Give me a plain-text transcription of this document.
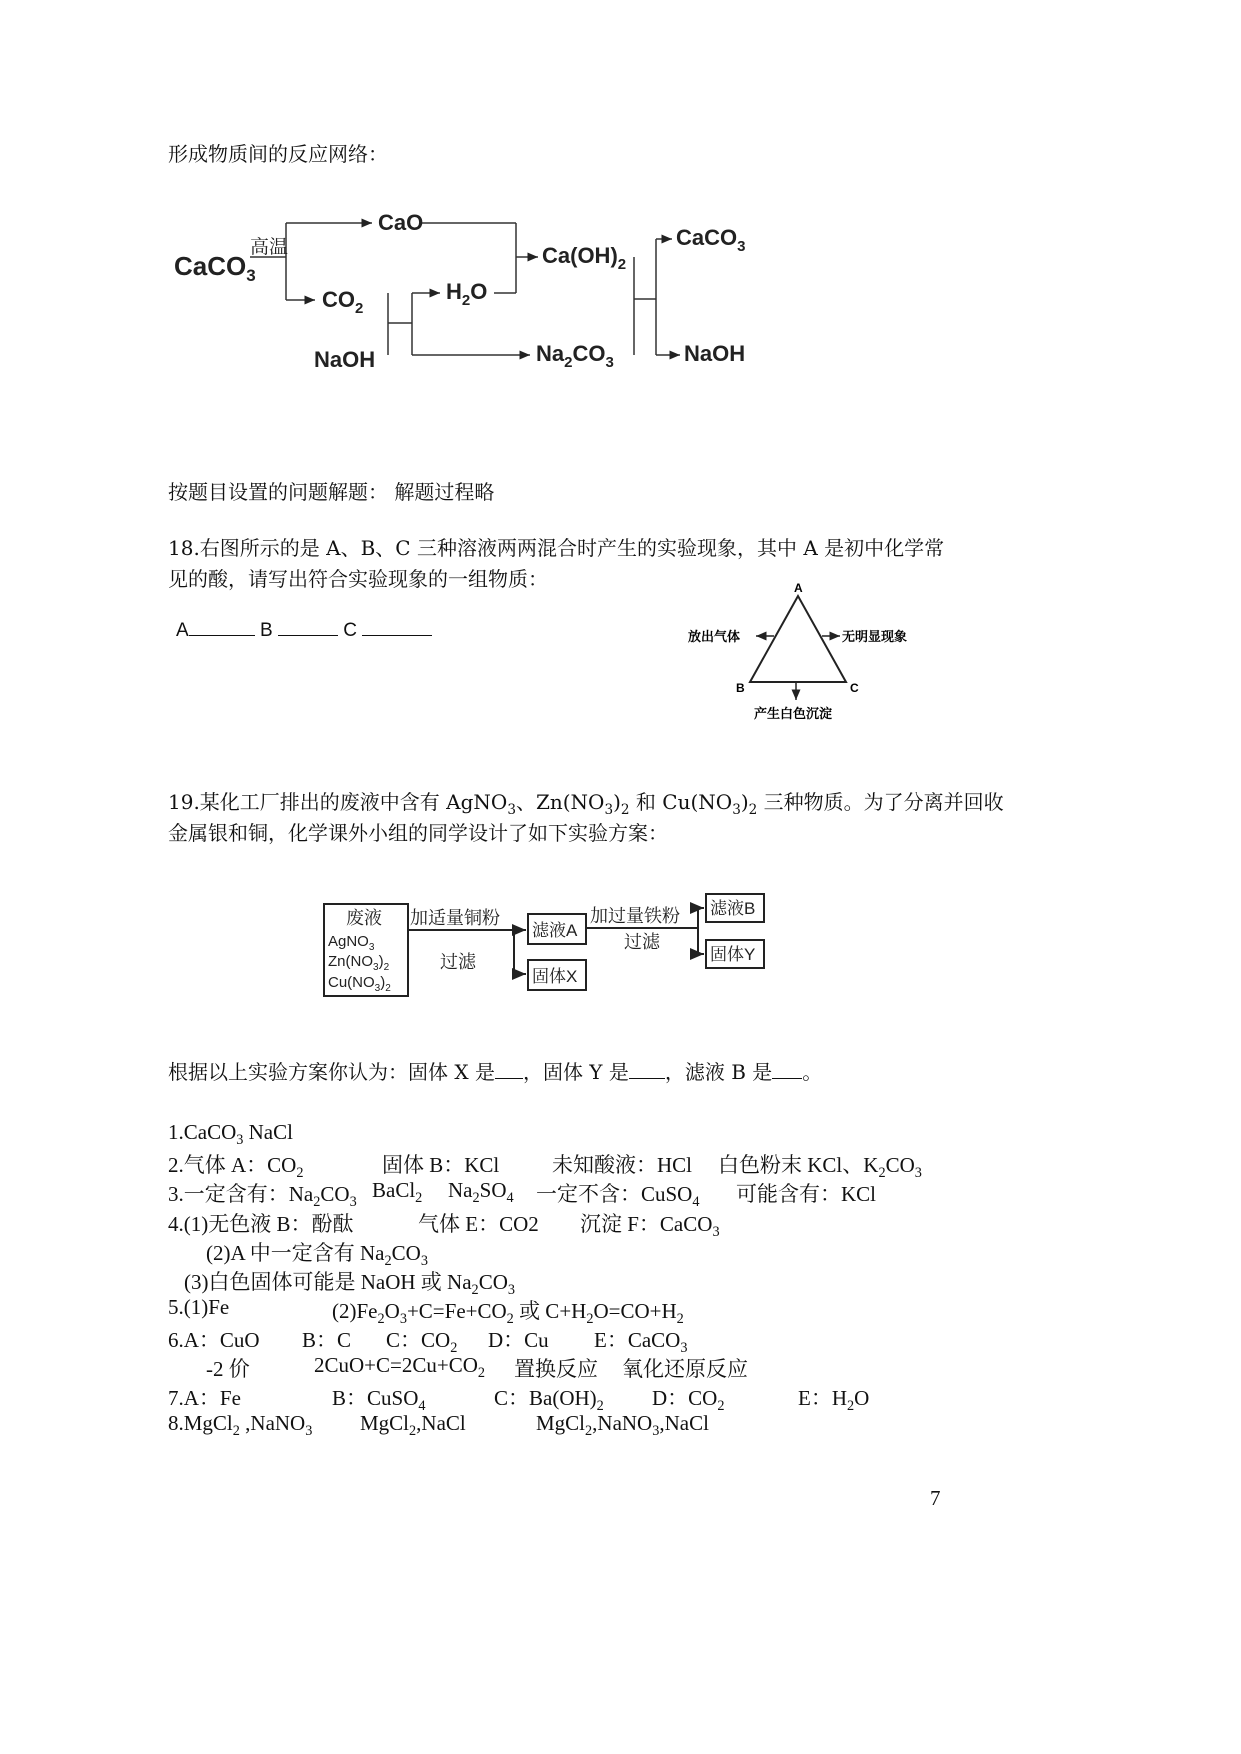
形成物质间的反应网络：
CaCO$_3$
高温
CaO
$CO_2$
NaOH
$H_2O$
$Ca(OH)_2$
$Na_2CO_3$
CaCO$_3$
NaOH
按题目设置的问题解题： 解题过程略
18.右图所示的是 A、B、C 三种溶液两两混合时产生的实验现象，其中 A 是初中化学常
见的酸，请写出符合实验现象的一组物质：
A	B	C
A
B	C
放出气体	无明显现象
产生白色沉淀
19.某化工厂排出的废液中含有 AgNO$_3$、$Zn(NO_3)_2$ 和 $Cu(NO_3)_2$ 三种物质。为了分离并回收
金属银和铜，化学课外小组的同学设计了如下实验方案：
废液
AgNO$_3$
$Zn(NO_3)_2$
$Cu(NO_3)_2$
加适量铜粉
过滤
滤液A
固体X
加过量铁粉
过滤
滤液B
固体Y
根据以上实验方案你认为：固体 X 是 ，固体 Y 是 ，滤液 B 是 。
1.CaCO$_3$ NaCl
2.气体 A：$CO_2$	固体 B：KCl	未知酸液：HCl 白色粉末 KCl、$K_2CO_3$
3.一定含有：$Na_2CO_3$
BaCl$_2$ $Na_2SO_4$ 一定不含：CuSO$_4$ 可能含有：KCl
4.(1)无色液 B：酚酞	气体 E：CO2 沉淀 F：CaCO$_3$
(2)A 中一定含有 $Na_2CO_3$
(3)白色固体可能是 NaOH 或 $Na_2CO_3$
5.(1)Fe	$(2)Fe_2O_3+C=Fe+CO_2$ 或 $C+H_2O=CO+H_2$
6.A：CuO B：C C：$CO_2$ D：Cu E：CaCO$_3$
-2 价	$2CuO+C=2Cu+CO_2$ 置换反应 氧化还原反应
7.A：Fe	B：CuSO$_4$	C：$Ba(OH)_2$ D：$CO_2$	E：$H_2O$
8.MgCl$_2$ ,NaNO$_3$ MgCl$_2$,NaCl	MgCl$_2$,NaNO$_3$,NaCl
7
